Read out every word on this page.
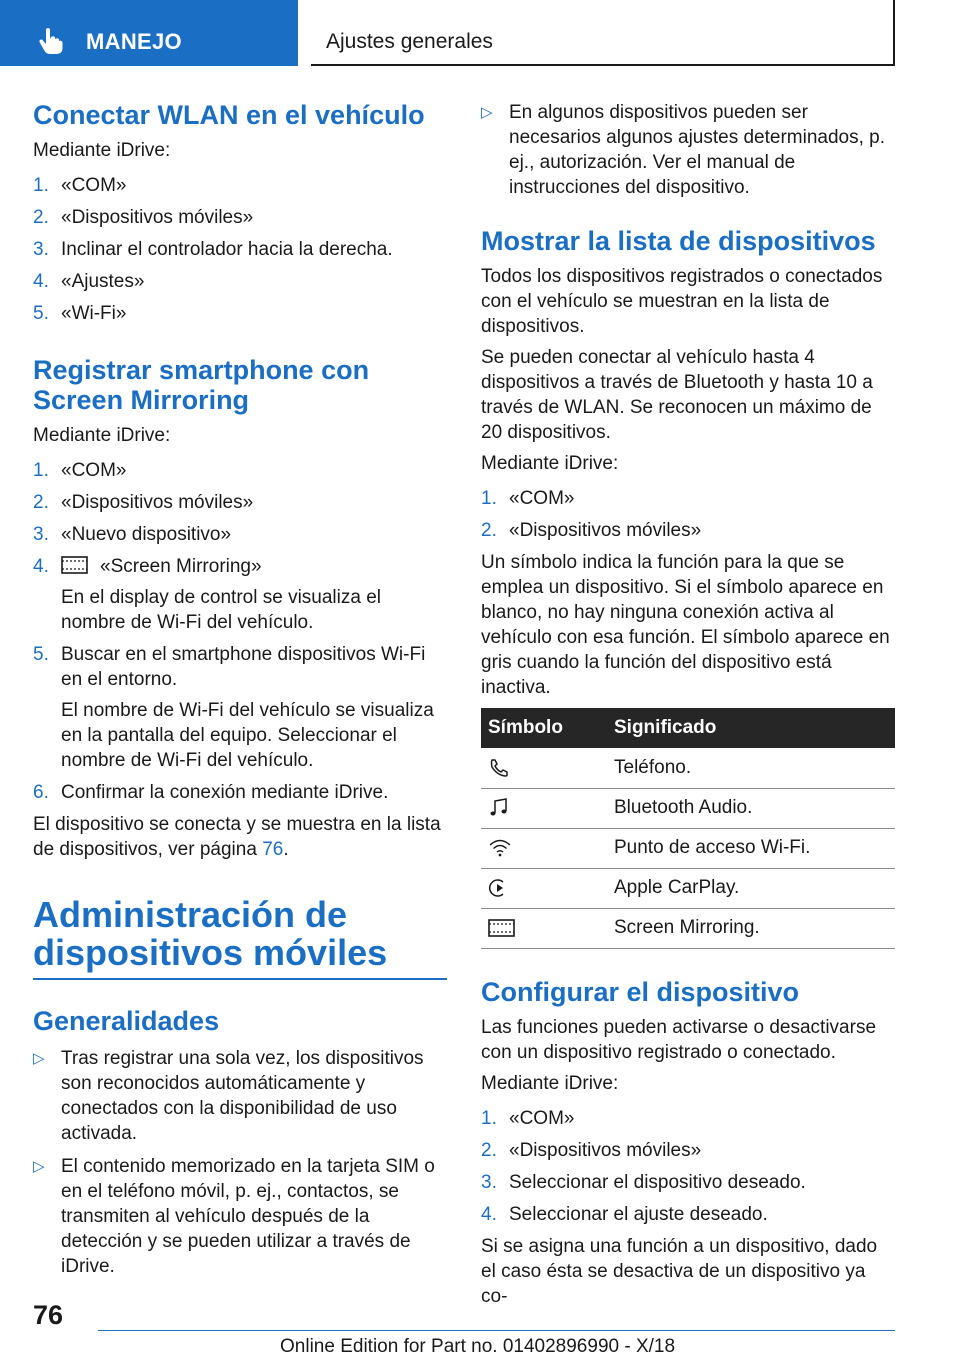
MANEJO	Ajustes generales
Conectar WLAN en el vehículo
Mediante iDrive:
1. «COM»
2. «Dispositivos móviles»
3. Inclinar el controlador hacia la derecha.
4. «Ajustes»
5. «Wi-Fi»
Registrar smartphone con Screen Mirroring
Mediante iDrive:
1. «COM»
2. «Dispositivos móviles»
3. «Nuevo dispositivo»
4.	«Screen Mirroring»
En el display de control se visualiza el nombre de Wi-Fi del vehículo.
5. Buscar en el smartphone dispositivos Wi-Fi en el entorno.
El nombre de Wi-Fi del vehículo se visualiza en la pantalla del equipo. Seleccionar el nombre de Wi-Fi del vehículo.
6. Confirmar la conexión mediante iDrive.
El dispositivo se conecta y se muestra en la lista de dispositivos, ver página 76.
Administración de dispositivos móviles
Generalidades
▷ Tras registrar una sola vez, los dispositivos son reconocidos automáticamente y conectados con la disponibilidad de uso activada.
▷ El contenido memorizado en la tarjeta SIM o en el teléfono móvil, p. ej., contactos, se transmiten al vehículo después de la detección y se pueden utilizar a través de iDrive.
▷ En algunos dispositivos pueden ser necesarios algunos ajustes determinados, p. ej., autorización. Ver el manual de instrucciones del dispositivo.
Mostrar la lista de dispositivos
Todos los dispositivos registrados o conectados con el vehículo se muestran en la lista de dispositivos.
Se pueden conectar al vehículo hasta 4 dispositivos a través de Bluetooth y hasta 10 a través de WLAN. Se reconocen un máximo de 20 dispositivos.
Mediante iDrive:
1. «COM»
2. «Dispositivos móviles»
Un símbolo indica la función para la que se emplea un dispositivo. Si el símbolo aparece en blanco, no hay ninguna conexión activa al vehículo con esa función. El símbolo aparece en gris cuando la función del dispositivo está inactiva.
Símbolo	Significado

	Teléfono.

	Bluetooth Audio.

	Punto de acceso Wi-Fi.

	Apple CarPlay.

	Screen Mirroring.
Configurar el dispositivo
Las funciones pueden activarse o desactivarse con un dispositivo registrado o conectado.
Mediante iDrive:
1. «COM»
2. «Dispositivos móviles»
3. Seleccionar el dispositivo deseado.
4. Seleccionar el ajuste deseado.
Si se asigna una función a un dispositivo, dado el caso ésta se desactiva de un dispositivo ya co-
76
Online Edition for Part no. 01402896990 - X/18
